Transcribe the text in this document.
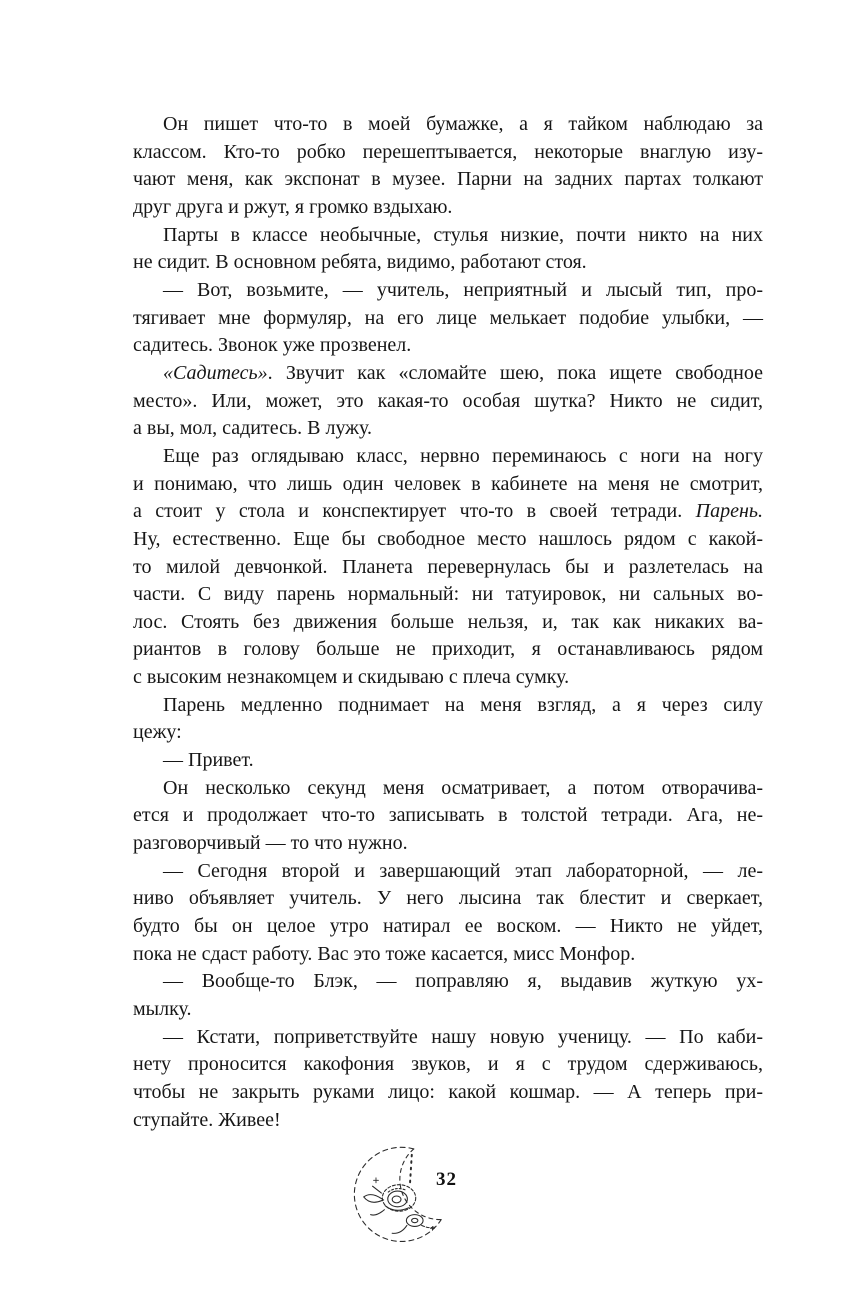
Он пишет что-то в моей бумажке, а я тайком наблюдаю за
классом. Кто-то робко перешептывается, некоторые внаглую изу-
чают меня, как экспонат в музее. Парни на задних партах толкают
друг друга и ржут, я громко вздыхаю.
Парты в классе необычные, стулья низкие, почти никто на них
не сидит. В основном ребята, видимо, работают стоя.
— Вот, возьмите, — учитель, неприятный и лысый тип, про-
тягивает мне формуляр, на его лице мелькает подобие улыбки, —
садитесь. Звонок уже прозвенел.
«Садитесь». Звучит как «сломайте шею, пока ищете свободное
место». Или, может, это какая-то особая шутка? Никто не сидит,
а вы, мол, садитесь. В лужу.
Еще раз оглядываю класс, нервно переминаюсь с ноги на ногу
и понимаю, что лишь один человек в кабинете на меня не смотрит,
а стоит у стола и конспектирует что-то в своей тетради. Парень.
Ну, естественно. Еще бы свободное место нашлось рядом с какой-
то милой девчонкой. Планета перевернулась бы и разлетелась на
части. С виду парень нормальный: ни татуировок, ни сальных во-
лос. Стоять без движения больше нельзя, и, так как никаких ва-
риантов в голову больше не приходит, я останавливаюсь рядом
с высоким незнакомцем и скидываю с плеча сумку.
Парень медленно поднимает на меня взгляд, а я через силу
цежу:
— Привет.
Он несколько секунд меня осматривает, а потом отворачива-
ется и продолжает что-то записывать в толстой тетради. Ага, не-
разговорчивый — то что нужно.
— Сегодня второй и завершающий этап лабораторной, — ле-
ниво объявляет учитель. У него лысина так блестит и сверкает,
будто бы он целое утро натирал ее воском. — Никто не уйдет,
пока не сдаст работу. Вас это тоже касается, мисс Монфор.
— Вообще-то Блэк, — поправляю я, выдавив жуткую ух-
мылку.
— Кстати, поприветствуйте нашу новую ученицу. — По каби-
нету проносится какофония звуков, и я с трудом сдерживаюсь,
чтобы не закрыть руками лицо: какой кошмар. — А теперь при-
ступайте. Живее!
32
